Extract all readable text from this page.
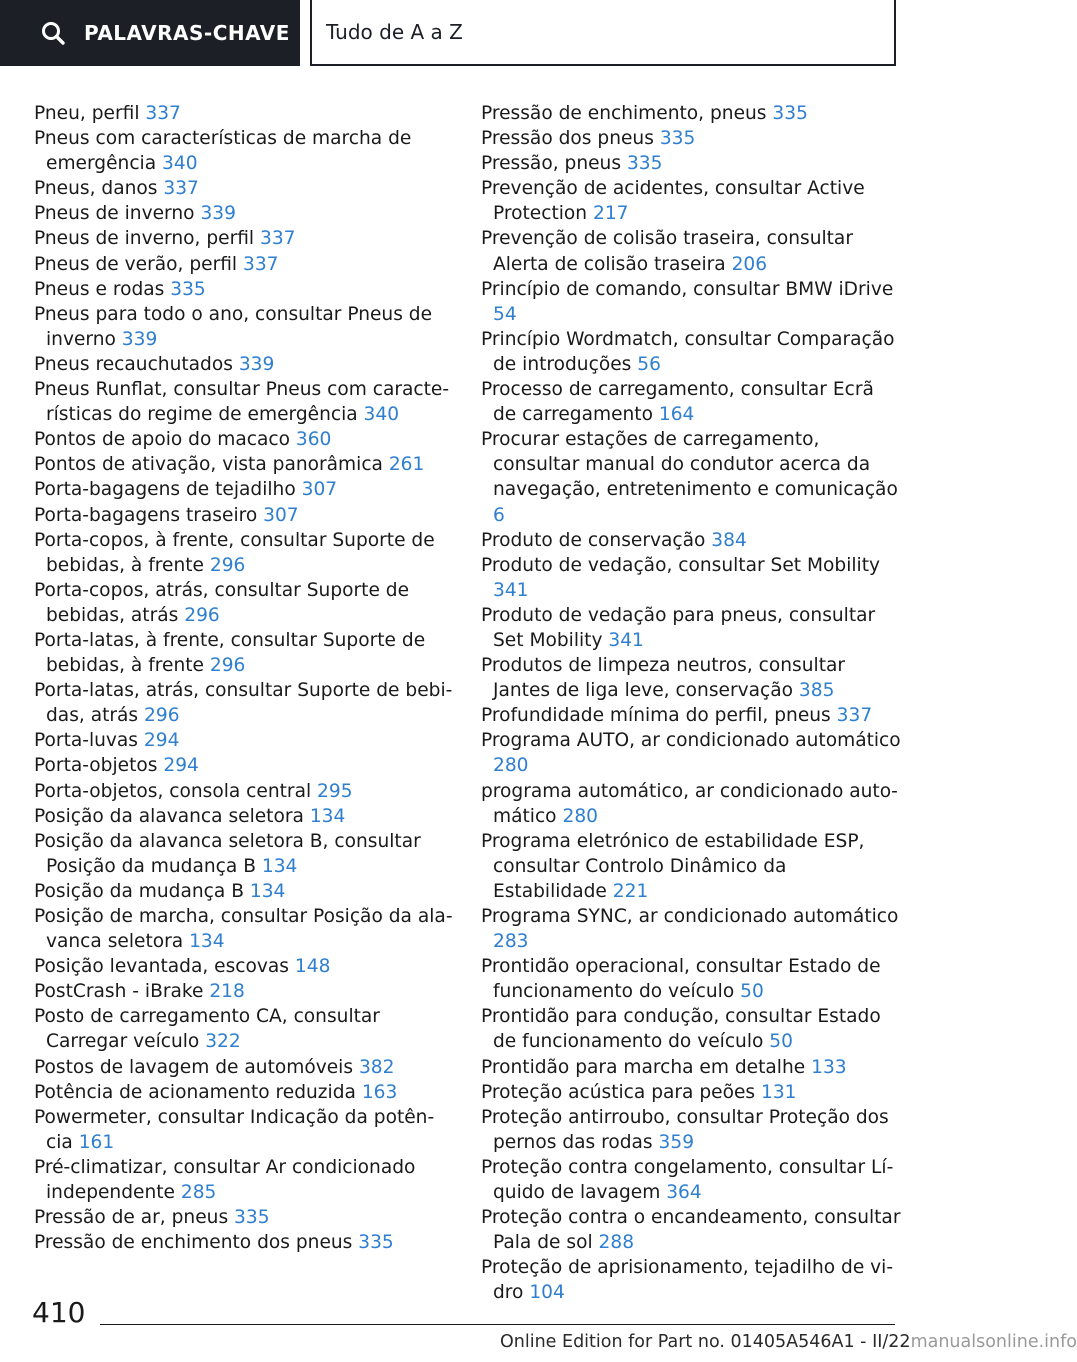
PALAVRAS-CHAVE Tudo de A a Z
Pneu, perfil 337
Pneus com características de marcha de emergência 340
Pneus, danos 337
Pneus de inverno 339
Pneus de inverno, perfil 337
Pneus de verão, perfil 337
Pneus e rodas 335
Pneus para todo o ano, consultar Pneus de inverno 339
Pneus recauchutados 339
Pneus Runflat, consultar Pneus com características do regime de emergência 340
Pontos de apoio do macaco 360
Pontos de ativação, vista panorâmica 261
Porta-bagagens de tejadilho 307
Porta-bagagens traseiro 307
Porta-copos, à frente, consultar Suporte de bebidas, à frente 296
Porta-copos, atrás, consultar Suporte de bebidas, atrás 296
Porta-latas, à frente, consultar Suporte de bebidas, à frente 296
Porta-latas, atrás, consultar Suporte de bebidas, atrás 296
Porta-luvas 294
Porta-objetos 294
Porta-objetos, consola central 295
Posição da alavanca seletora 134
Posição da alavanca seletora B, consultar Posição da mudança B 134
Posição da mudança B 134
Posição de marcha, consultar Posição da alavanca seletora 134
Posição levantada, escovas 148
PostCrash - iBrake 218
Posto de carregamento CA, consultar Carregar veículo 322
Postos de lavagem de automóveis 382
Potência de acionamento reduzida 163
Powermeter, consultar Indicação da potência 161
Pré-climatizar, consultar Ar condicionado independente 285
Pressão de ar, pneus 335
Pressão de enchimento dos pneus 335
Pressão de enchimento, pneus 335
Pressão dos pneus 335
Pressão, pneus 335
Prevenção de acidentes, consultar Active Protection 217
Prevenção de colisão traseira, consultar Alerta de colisão traseira 206
Princípio de comando, consultar BMW iDrive 54
Princípio Wordmatch, consultar Comparação de introduções 56
Processo de carregamento, consultar Ecrã de carregamento 164
Procurar estações de carregamento, consultar manual do condutor acerca da navegação, entretenimento e comunicação 6
Produto de conservação 384
Produto de vedação, consultar Set Mobility 341
Produto de vedação para pneus, consultar Set Mobility 341
Produtos de limpeza neutros, consultar Jantes de liga leve, conservação 385
Profundidade mínima do perfil, pneus 337
Programa AUTO, ar condicionado automático 280
programa automático, ar condicionado automático 280
Programa eletrónico de estabilidade ESP, consultar Controlo Dinâmico da Estabilidade 221
Programa SYNC, ar condicionado automático 283
Prontidão operacional, consultar Estado de funcionamento do veículo 50
Prontidão para condução, consultar Estado de funcionamento do veículo 50
Prontidão para marcha em detalhe 133
Proteção acústica para peões 131
Proteção antirroubo, consultar Proteção dos pernos das rodas 359
Proteção contra congelamento, consultar Líquido de lavagem 364
Proteção contra o encandeamento, consultar Pala de sol 288
Proteção de aprisionamento, tejadilho de vidro 104
410
Online Edition for Part no. 01405A546A1 - II/22manualsonline.info
